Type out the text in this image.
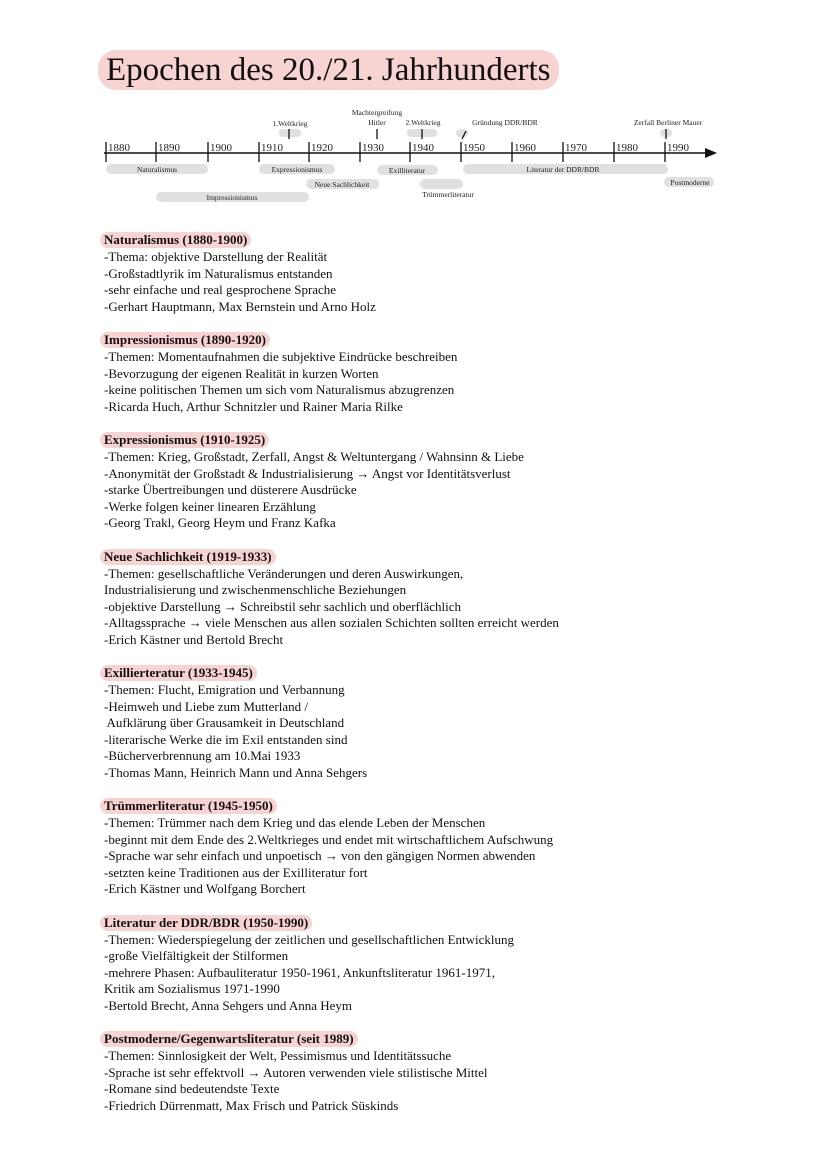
Epochen des 20./21. Jahrhunderts
1880	1890	1900	1910	1920	1930	1940	1950	1960	1970	1980	1990
1.Weltkrieg
Machtergreifung
Hitler	2.Weltkrieg	Gründung DDR/BDR	Zerfall Berliner Mauer
Naturalismus
Impressionismus
Expressionismus
Neue Sachlichkeit
Exilliteratur
Trümmerliteratur
Literatur der DDR/BDR
Postmoderne
Naturalismus (1880-1900)
-Thema: objektive Darstellung der Realität
-Großstadtlyrik im Naturalismus entstanden
-sehr einfache und real gesprochene Sprache
-Gerhart Hauptmann, Max Bernstein und Arno Holz
Impressionismus (1890-1920)
-Themen: Momentaufnahmen die subjektive Eindrücke beschreiben
-Bevorzugung der eigenen Realität in kurzen Worten
-keine politischen Themen um sich vom Naturalismus abzugrenzen
-Ricarda Huch, Arthur Schnitzler und Rainer Maria Rilke
Expressionismus (1910-1925)
-Themen: Krieg, Großstadt, Zerfall, Angst & Weltuntergang / Wahnsinn & Liebe
-Anonymität der Großstadt & Industrialisierung → Angst vor Identitätsverlust
-starke Übertreibungen und düsterere Ausdrücke
-Werke folgen keiner linearen Erzählung
-Georg Trakl, Georg Heym und Franz Kafka
Neue Sachlichkeit (1919-1933)
-Themen: gesellschaftliche Veränderungen und deren Auswirkungen,
Industrialisierung und zwischenmenschliche Beziehungen
-objektive Darstellung → Schreibstil sehr sachlich und oberflächlich
-Alltagssprache → viele Menschen aus allen sozialen Schichten sollten erreicht werden
-Erich Kästner und Bertold Brecht
Exillierteratur (1933-1945)
-Themen: Flucht, Emigration und Verbannung
-Heimweh und Liebe zum Mutterland /
Aufklärung über Grausamkeit in Deutschland
-literarische Werke die im Exil entstanden sind
-Bücherverbrennung am 10.Mai 1933
-Thomas Mann, Heinrich Mann und Anna Sehgers
Trümmerliteratur (1945-1950)
-Themen: Trümmer nach dem Krieg und das elende Leben der Menschen
-beginnt mit dem Ende des 2.Weltkrieges und endet mit wirtschaftlichem Aufschwung
-Sprache war sehr einfach und unpoetisch → von den gängigen Normen abwenden
-setzten keine Traditionen aus der Exilliteratur fort
-Erich Kästner und Wolfgang Borchert
Literatur der DDR/BDR (1950-1990)
-Themen: Wiederspiegelung der zeitlichen und gesellschaftlichen Entwicklung
-große Vielfältigkeit der Stilformen
-mehrere Phasen: Aufbauliteratur 1950-1961, Ankunftsliteratur 1961-1971,
Kritik am Sozialismus 1971-1990
-Bertold Brecht, Anna Sehgers und Anna Heym
Postmoderne/Gegenwartsliteratur (seit 1989)
-Themen: Sinnlosigkeit der Welt, Pessimismus und Identitätssuche
-Sprache ist sehr effektvoll → Autoren verwenden viele stilistische Mittel
-Romane sind bedeutendste Texte
-Friedrich Dürrenmatt, Max Frisch und Patrick Süskinds
